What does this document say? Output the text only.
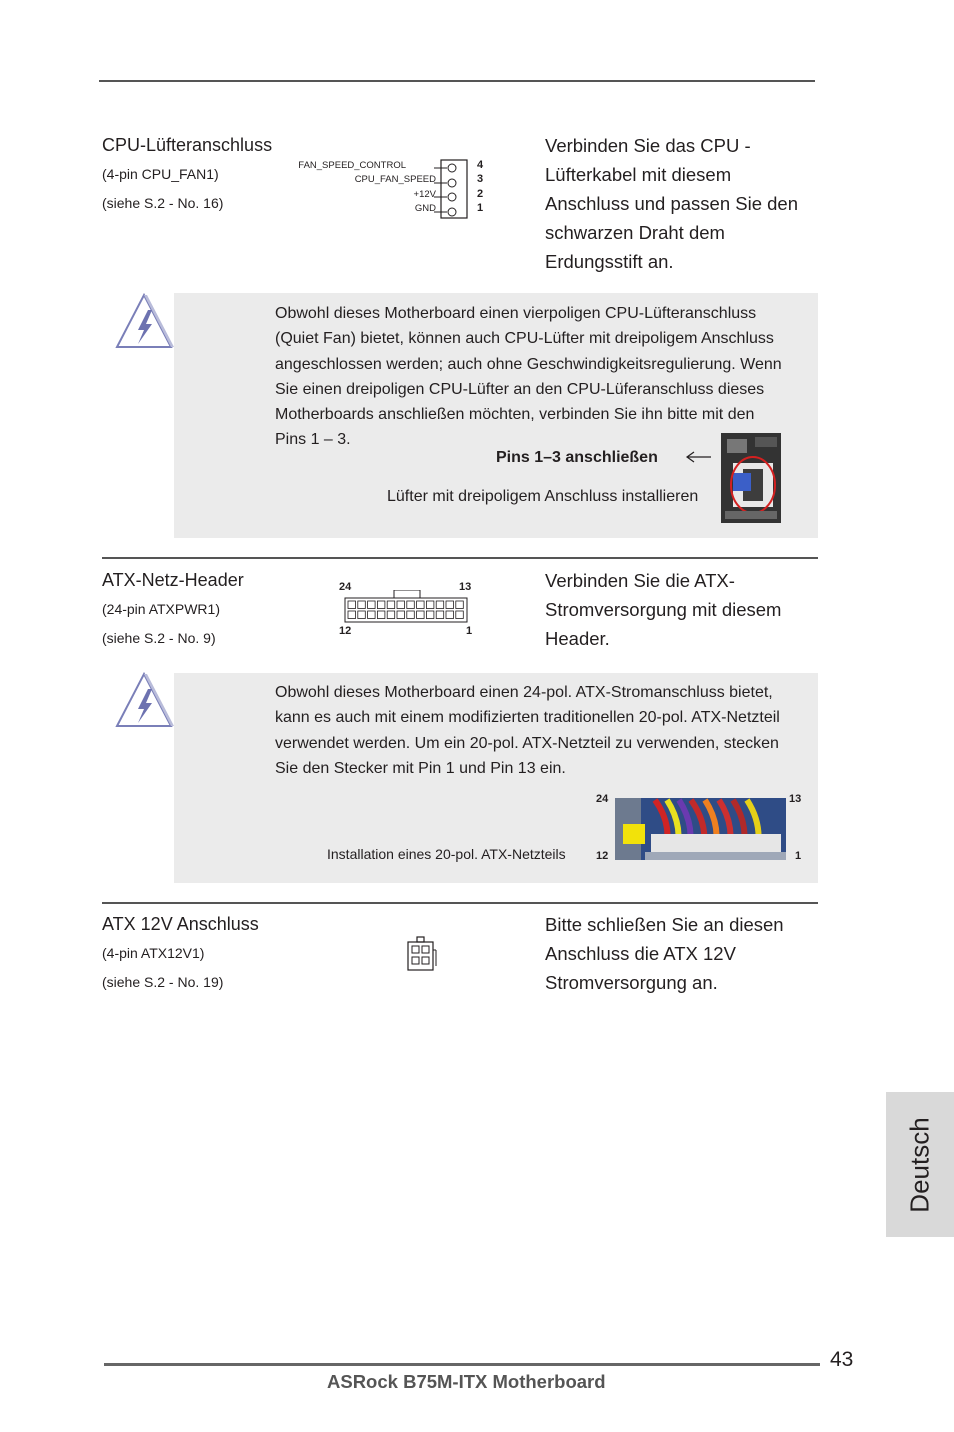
CPU-Lüfteranschluss
(4-pin CPU_FAN1)
(siehe S.2 - No. 16)
FAN_SPEED_CONTROL
CPU_FAN_SPEED
+12V
GND
4
3
2
1
Verbinden Sie das CPU -
Lüfterkabel mit diesem
Anschluss und passen Sie den
schwarzen Draht dem
Erdungsstift an.
Obwohl dieses Motherboard einen vierpoligen CPU-Lüfteranschluss
(Quiet Fan) bietet, können auch CPU-Lüfter mit dreipoligem Anschluss
angeschlossen werden; auch ohne Geschwindigkeitsregulierung. Wenn
Sie einen dreipoligen CPU-Lüfter an den CPU-Lüferanschluss dieses
Motherboards anschließen möchten, verbinden Sie ihn bitte mit den
Pins 1 – 3.
Pins 1–3 anschließen
Lüfter mit dreipoligem Anschluss installieren
ATX-Netz-Header
(24-pin ATXPWR1)
(siehe S.2 - No. 9)
24	13
12	1
Verbinden Sie die ATX-
Stromversorgung mit diesem
Header.
Obwohl dieses Motherboard einen 24-pol. ATX-Stromanschluss bietet,
kann es auch mit einem modifizierten traditionellen 20-pol. ATX-Netzteil
verwendet werden. Um ein 20-pol. ATX-Netzteil zu verwenden, stecken
Sie den Stecker mit Pin 1 und Pin 13 ein.
Installation eines 20-pol. ATX-Netzteils
24	13
12	1
ATX 12V Anschluss
(4-pin ATX12V1)
(siehe S.2 - No. 19)
Bitte schließen Sie an diesen
Anschluss die ATX 12V
Stromversorgung an.
Deutsch
43
ASRock B75M-ITX Motherboard
